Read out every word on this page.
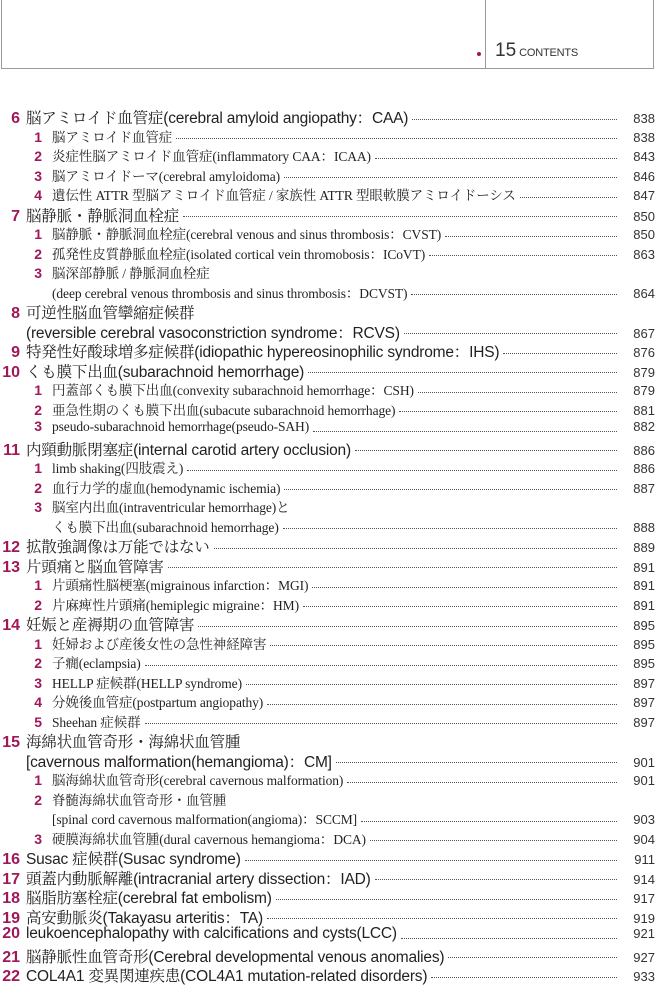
CONTENTS
15
6 脳アミロイド血管症(cerebral amyloid angiopathy：CAA)	838
1 脳アミロイド血管症	838
2 炎症性脳アミロイド血管症(inflammatory CAA：ICAA)	843
3 脳アミロイドーマ(cerebral amyloidoma)	846
4 遺伝性 ATTR 型脳アミロイド血管症 / 家族性 ATTR 型眼軟膜アミロイドーシス	847
7 脳静脈・静脈洞血栓症	850
1 脳静脈・静脈洞血栓症(cerebral venous and sinus thrombosis：CVST)	850
2 孤発性皮質静脈血栓症(isolated cortical vein thromobosis：ICoVT)	863
3 脳深部静脈 / 静脈洞血栓症
(deep cerebral venous thrombosis and sinus thrombosis：DCVST)	864
8 可逆性脳血管攣縮症候群
(reversible cerebral vasoconstriction syndrome：RCVS)	867
9 特発性好酸球増多症候群(idiopathic hypereosinophilic syndrome：IHS)	876
10 くも膜下出血(subarachnoid hemorrhage)	879
1 円蓋部くも膜下出血(convexity subarachnoid hemorrhage：CSH)	879
2 亜急性期のくも膜下出血(subacute subarachnoid hemorrhage)	881
3 pseudo-subarachnoid hemorrhage(pseudo-SAH)	882
11 内頸動脈閉塞症(internal carotid artery occlusion)	886
1 limb shaking(四肢震え)	886
2 血行力学的虚血(hemodynamic ischemia)	887
3 脳室内出血(intraventricular hemorrhage)と
くも膜下出血(subarachnoid hemorrhage)	888
12 拡散強調像は万能ではない	889
13 片頭痛と脳血管障害	891
1 片頭痛性脳梗塞(migrainous infarction：MGI)	891
2 片麻痺性片頭痛(hemiplegic migraine：HM)	891
14 妊娠と産褥期の血管障害	895
1 妊婦および産後女性の急性神経障害	895
2 子癇(eclampsia)	895
3 HELLP 症候群(HELLP syndrome)	897
4 分娩後血管症(postpartum angiopathy)	897
5 Sheehan 症候群	897
15 海綿状血管奇形・海綿状血管腫
[cavernous malformation(hemangioma)：CM]	901
1 脳海綿状血管奇形(cerebral cavernous malformation)	901
2 脊髄海綿状血管奇形・血管腫
[spinal cord cavernous malformation(angioma)：SCCM]	903
3 硬膜海綿状血管腫(dural cavernous hemangioma：DCA)	904
16 Susac 症候群(Susac syndrome)	911
17 頭蓋内動脈解離(intracranial artery dissection：IAD)	914
18 脳脂肪塞栓症(cerebral fat embolism)	917
19 高安動脈炎(Takayasu arteritis：TA)	919
20 leukoencephalopathy with calcifications and cysts(LCC)	921
21 脳静脈性血管奇形(Cerebral developmental venous anomalies)	927
22 COL4A1 変異関連疾患(COL4A1 mutation-related disorders)	933
